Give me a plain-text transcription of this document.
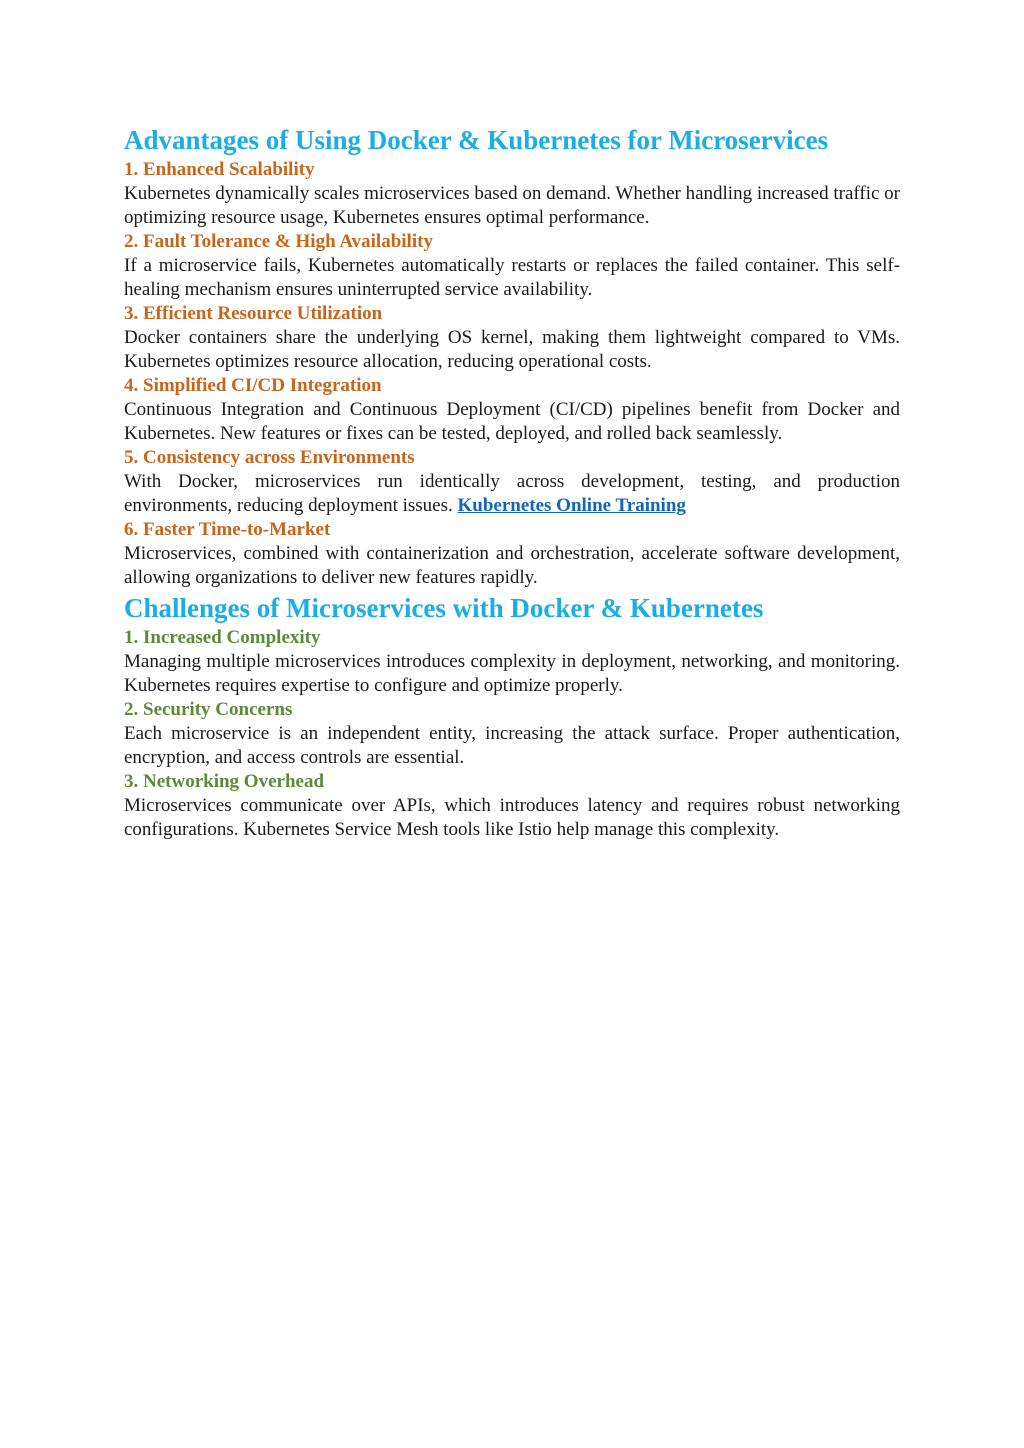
Advantages of Using Docker & Kubernetes for Microservices
1. Enhanced Scalability

Kubernetes dynamically scales microservices based on demand. Whether handling increased traffic or optimizing resource usage, Kubernetes ensures optimal performance.

2. Fault Tolerance & High Availability

If a microservice fails, Kubernetes automatically restarts or replaces the failed container. This self-healing mechanism ensures uninterrupted service availability.

3. Efficient Resource Utilization

Docker containers share the underlying OS kernel, making them lightweight compared to VMs. Kubernetes optimizes resource allocation, reducing operational costs.

4. Simplified CI/CD Integration

Continuous Integration and Continuous Deployment (CI/CD) pipelines benefit from Docker and Kubernetes. New features or fixes can be tested, deployed, and rolled back seamlessly.

5. Consistency across Environments

With Docker, microservices run identically across development, testing, and production environments, reducing deployment issues. Kubernetes Online Training

6. Faster Time-to-Market

Microservices, combined with containerization and orchestration, accelerate software development, allowing organizations to deliver new features rapidly.

Challenges of Microservices with Docker & Kubernetes
1. Increased Complexity

Managing multiple microservices introduces complexity in deployment, networking, and monitoring. Kubernetes requires expertise to configure and optimize properly.

2. Security Concerns

Each microservice is an independent entity, increasing the attack surface. Proper authentication, encryption, and access controls are essential.

3. Networking Overhead

Microservices communicate over APIs, which introduces latency and requires robust networking configurations. Kubernetes Service Mesh tools like Istio help manage this complexity.
